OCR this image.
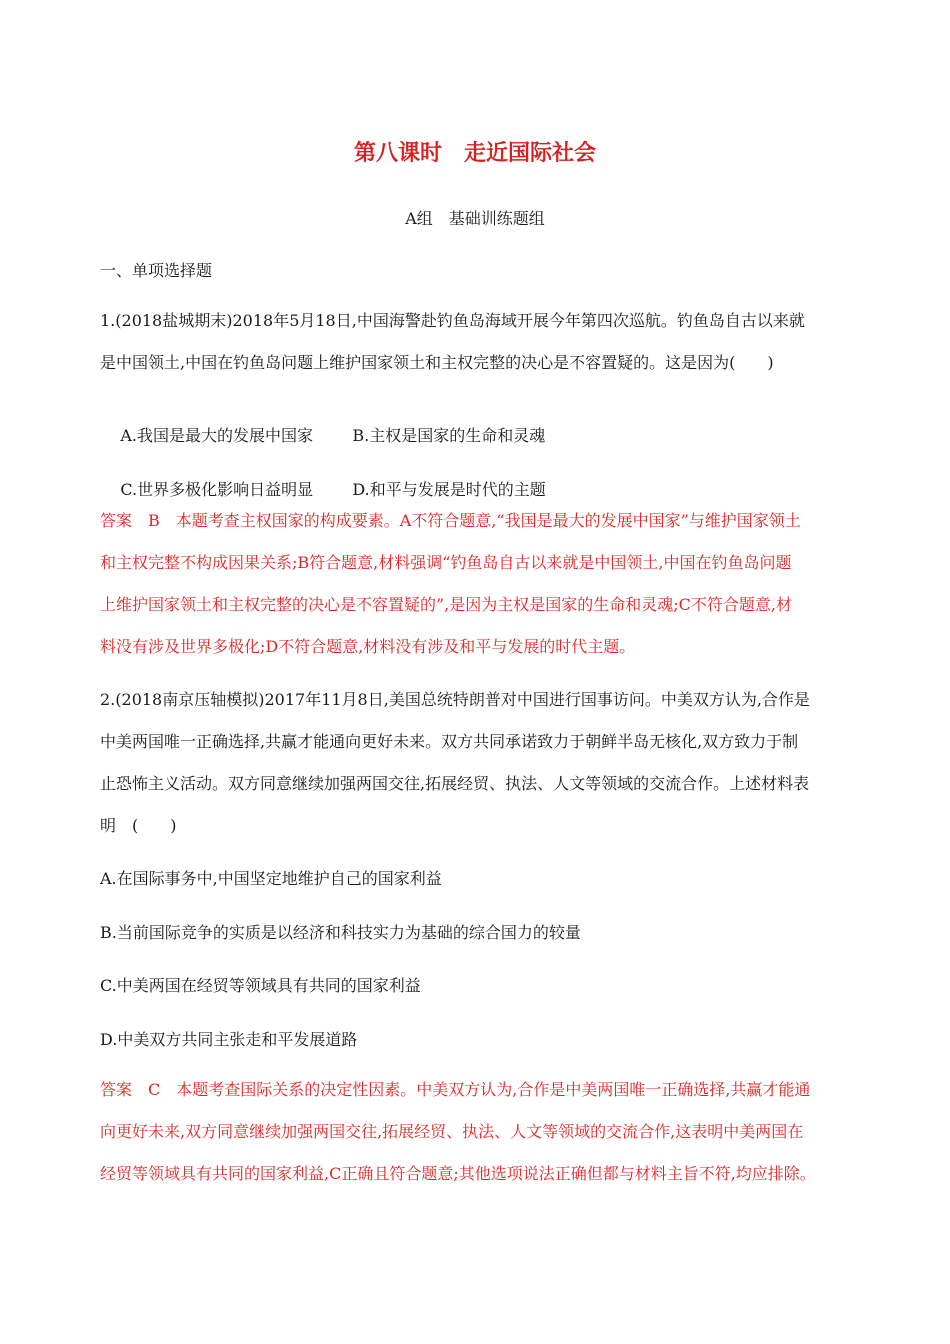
第八课时　走近国际社会
A组　基础训练题组
一、单项选择题
1.(2018盐城期末)2018年5月18日,中国海警赴钓鱼岛海域开展今年第四次巡航。钓鱼岛自古以来就
是中国领土,中国在钓鱼岛问题上维护国家领土和主权完整的决心是不容置疑的。这是因为(　　)

A.我国是最大的发展中国家 B.主权是国家的生命和灵魂

C.世界多极化影响日益明显 D.和平与发展是时代的主题

答案　B　本题考查主权国家的构成要素。A不符合题意,“我国是最大的发展中国家”与维护国家领土
和主权完整不构成因果关系;B符合题意,材料强调“钓鱼岛自古以来就是中国领土,中国在钓鱼岛问题
上维护国家领土和主权完整的决心是不容置疑的”,是因为主权是国家的生命和灵魂;C不符合题意,材
料没有涉及世界多极化;D不符合题意,材料没有涉及和平与发展的时代主题。
2.(2018南京压轴模拟)2017年11月8日,美国总统特朗普对中国进行国事访问。中美双方认为,合作是
中美两国唯一正确选择,共赢才能通向更好未来。双方共同承诺致力于朝鲜半岛无核化,双方致力于制
止恐怖主义活动。双方同意继续加强两国交往,拓展经贸、执法、人文等领域的交流合作。上述材料表
明　(　　)
A.在国际事务中,中国坚定地维护自己的国家利益
B.当前国际竞争的实质是以经济和科技实力为基础的综合国力的较量
C.中美两国在经贸等领域具有共同的国家利益
D.中美双方共同主张走和平发展道路
答案　C　本题考查国际关系的决定性因素。中美双方认为,合作是中美两国唯一正确选择,共赢才能通
向更好未来,双方同意继续加强两国交往,拓展经贸、执法、人文等领域的交流合作,这表明中美两国在
经贸等领域具有共同的国家利益,C正确且符合题意;其他选项说法正确但都与材料主旨不符,均应排除。
